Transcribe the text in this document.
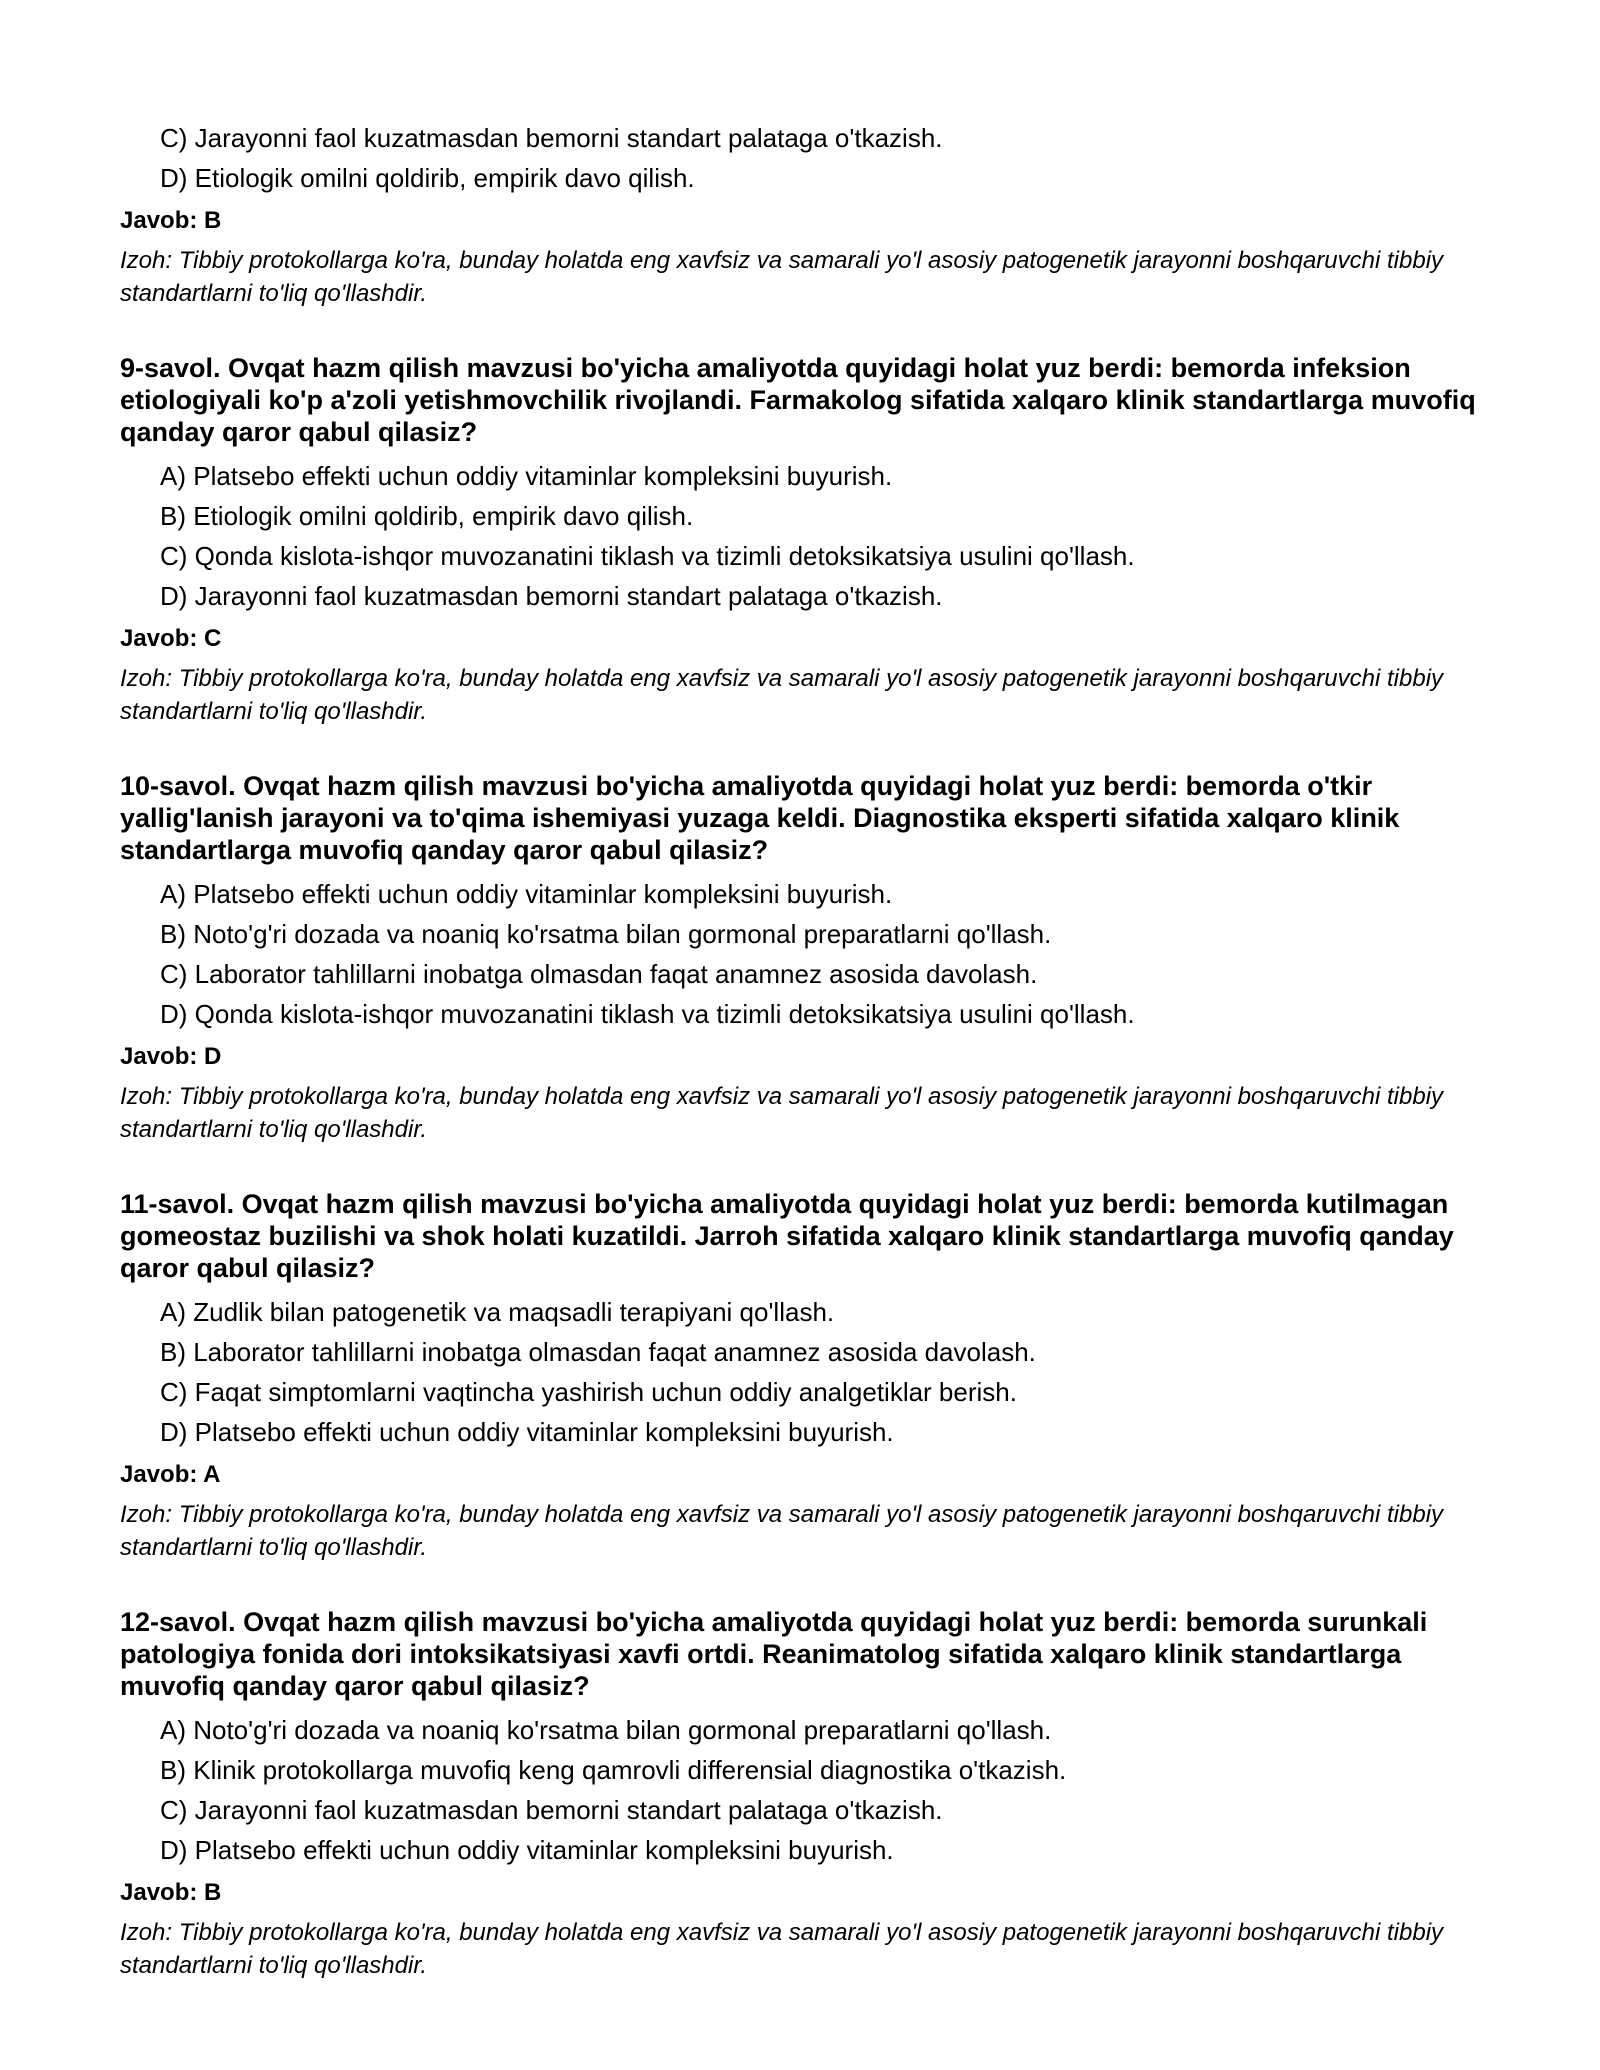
C) Jarayonni faol kuzatmasdan bemorni standart palataga o'tkazish.
D) Etiologik omilni qoldirib, empirik davo qilish.
Javob: B

Izoh: Tibbiy protokollarga ko'ra, bunday holatda eng xavfsiz va samarali yo'l asosiy patogenetik jarayonni boshqaruvchi tibbiy standartlarni to'liq qo'llashdir.

9-savol. Ovqat hazm qilish mavzusi bo'yicha amaliyotda quyidagi holat yuz berdi: bemorda infeksion etiologiyali ko'p a'zoli yetishmovchilik rivojlandi. Farmakolog sifatida xalqaro klinik standartlarga muvofiq qanday qaror qabul qilasiz?

A) Platsebo effekti uchun oddiy vitaminlar kompleksini buyurish.
B) Etiologik omilni qoldirib, empirik davo qilish.
C) Qonda kislota-ishqor muvozanatini tiklash va tizimli detoksikatsiya usulini qo'llash.
D) Jarayonni faol kuzatmasdan bemorni standart palataga o'tkazish.
Javob: C

Izoh: Tibbiy protokollarga ko'ra, bunday holatda eng xavfsiz va samarali yo'l asosiy patogenetik jarayonni boshqaruvchi tibbiy standartlarni to'liq qo'llashdir.

10-savol. Ovqat hazm qilish mavzusi bo'yicha amaliyotda quyidagi holat yuz berdi: bemorda o'tkir yallig'lanish jarayoni va to'qima ishemiyasi yuzaga keldi. Diagnostika eksperti sifatida xalqaro klinik standartlarga muvofiq qanday qaror qabul qilasiz?

A) Platsebo effekti uchun oddiy vitaminlar kompleksini buyurish.
B) Noto'g'ri dozada va noaniq ko'rsatma bilan gormonal preparatlarni qo'llash.
C) Laborator tahlillarni inobatga olmasdan faqat anamnez asosida davolash.
D) Qonda kislota-ishqor muvozanatini tiklash va tizimli detoksikatsiya usulini qo'llash.
Javob: D

Izoh: Tibbiy protokollarga ko'ra, bunday holatda eng xavfsiz va samarali yo'l asosiy patogenetik jarayonni boshqaruvchi tibbiy standartlarni to'liq qo'llashdir.

11-savol. Ovqat hazm qilish mavzusi bo'yicha amaliyotda quyidagi holat yuz berdi: bemorda kutilmagan gomeostaz buzilishi va shok holati kuzatildi. Jarroh sifatida xalqaro klinik standartlarga muvofiq qanday qaror qabul qilasiz?

A) Zudlik bilan patogenetik va maqsadli terapiyani qo'llash.
B) Laborator tahlillarni inobatga olmasdan faqat anamnez asosida davolash.
C) Faqat simptomlarni vaqtincha yashirish uchun oddiy analgetiklar berish.
D) Platsebo effekti uchun oddiy vitaminlar kompleksini buyurish.
Javob: A

Izoh: Tibbiy protokollarga ko'ra, bunday holatda eng xavfsiz va samarali yo'l asosiy patogenetik jarayonni boshqaruvchi tibbiy standartlarni to'liq qo'llashdir.

12-savol. Ovqat hazm qilish mavzusi bo'yicha amaliyotda quyidagi holat yuz berdi: bemorda surunkali patologiya fonida dori intoksikatsiyasi xavfi ortdi. Reanimatolog sifatida xalqaro klinik standartlarga muvofiq qanday qaror qabul qilasiz?

A) Noto'g'ri dozada va noaniq ko'rsatma bilan gormonal preparatlarni qo'llash.
B) Klinik protokollarga muvofiq keng qamrovli differensial diagnostika o'tkazish.
C) Jarayonni faol kuzatmasdan bemorni standart palataga o'tkazish.
D) Platsebo effekti uchun oddiy vitaminlar kompleksini buyurish.
Javob: B

Izoh: Tibbiy protokollarga ko'ra, bunday holatda eng xavfsiz va samarali yo'l asosiy patogenetik jarayonni boshqaruvchi tibbiy standartlarni to'liq qo'llashdir.
